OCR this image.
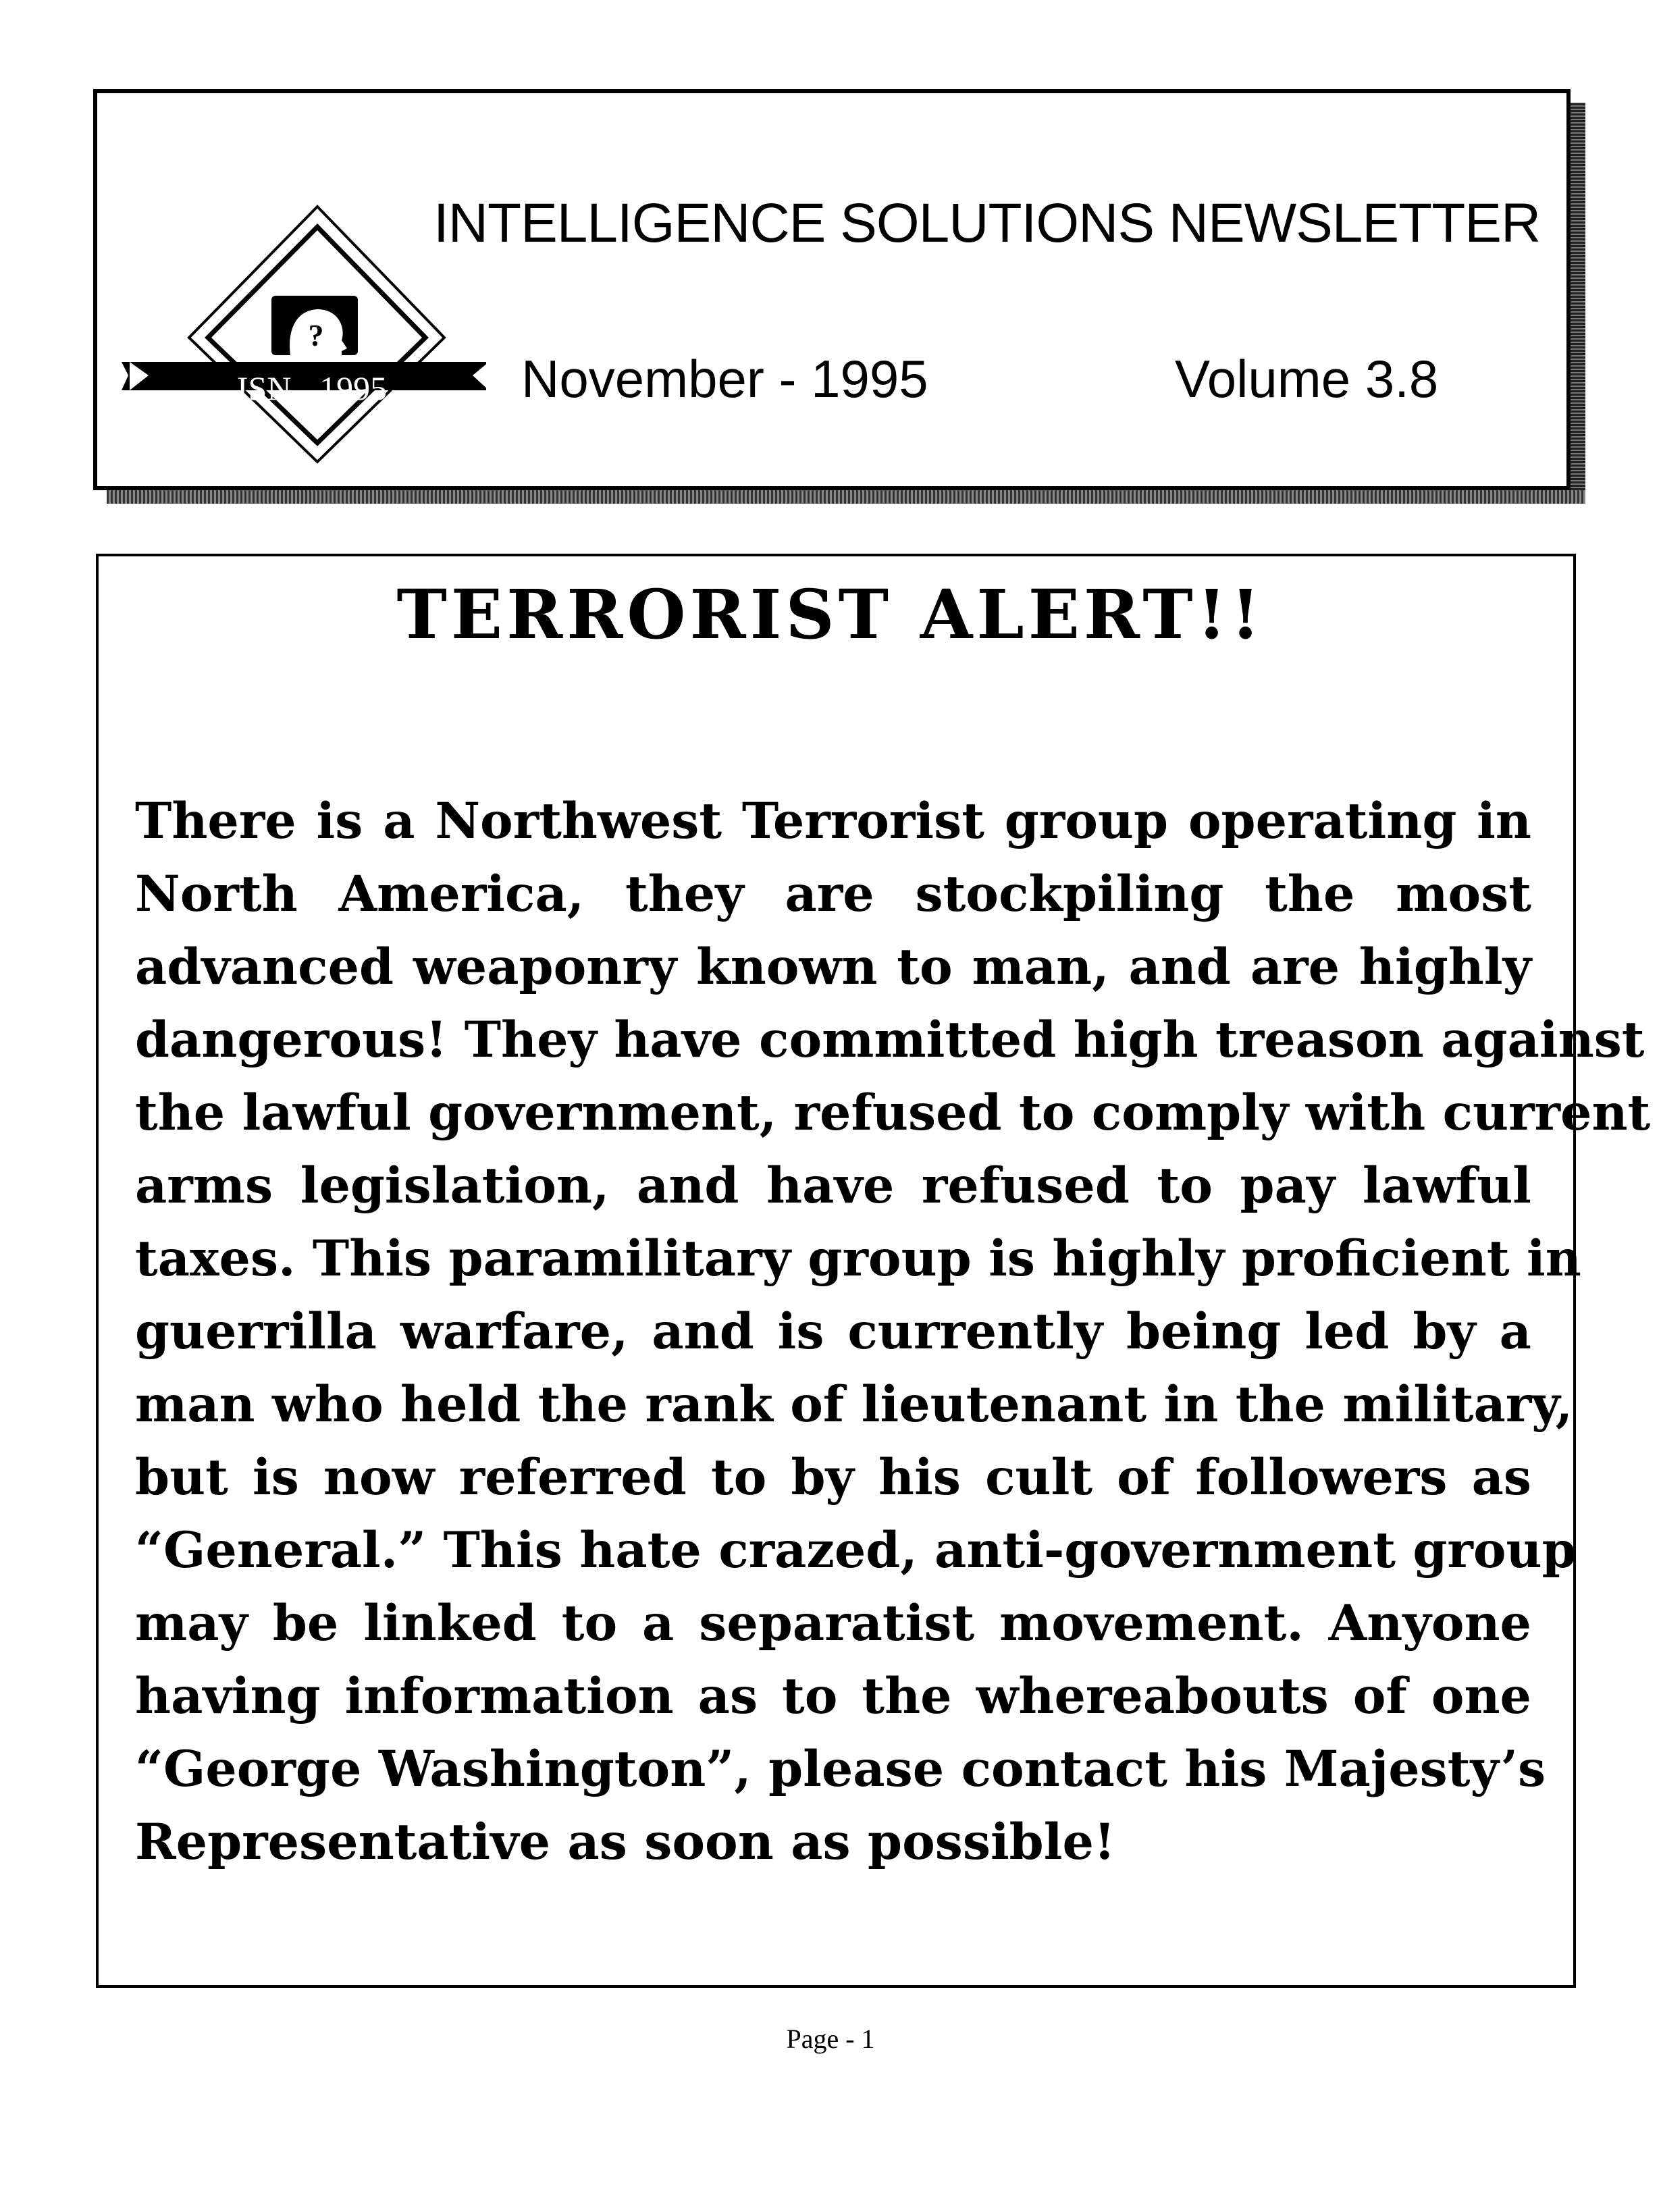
?
ISN - 1995
INTELLIGENCE SOLUTIONS NEWSLETTER
November - 1995	Volume 3.8
TERRORIST ALERT!!
There is a Northwest Terrorist group operating in
North America, they are stockpiling the most
advanced weaponry known to man, and are highly
dangerous! They have committed high treason against
the lawful government, refused to comply with current
arms legislation, and have refused to pay lawful
taxes. This paramilitary group is highly proficient in
guerrilla warfare, and is currently being led by a
man who held the rank of lieutenant in the military,
but is now referred to by his cult of followers as
“General.” This hate crazed, anti-government group
may be linked to a separatist movement. Anyone
having information as to the whereabouts of one
“George Washington”, please contact his Majesty’s
Representative as soon as possible!
Page - 1
